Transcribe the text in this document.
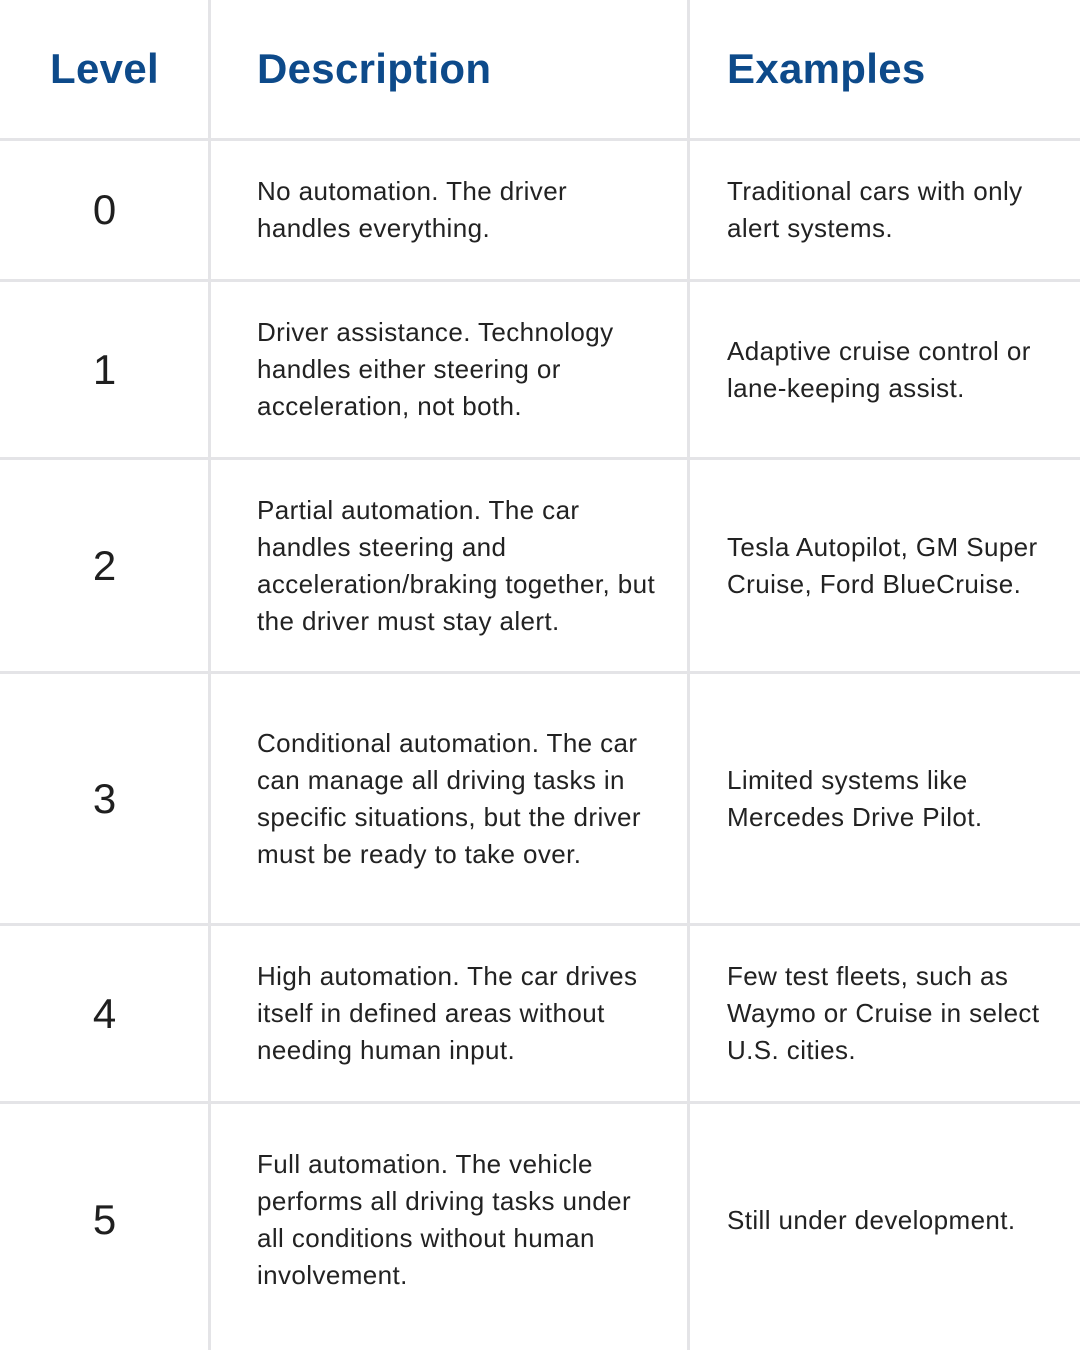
Level Description	Examples
0	No automation. The driver handles everything.
Traditional cars with only alert systems.
1
Driver assistance. Technology handles either steering or acceleration, not both.
Adaptive cruise control or lane-keeping assist.
2
Partial automation. The car handles steering and acceleration/braking together, but the driver must stay alert.
Tesla Autopilot, GM Super Cruise, Ford BlueCruise.
3
Conditional automation. The car can manage all driving tasks in specific situations, but the driver must be ready to take over.
Limited systems like Mercedes Drive Pilot.
4
High automation. The car drives itself in defined areas without needing human input.
Few test fleets, such as Waymo or Cruise in select U.S. cities.
5
Full automation. The vehicle performs all driving tasks under all conditions without human involvement.
Still under development.
